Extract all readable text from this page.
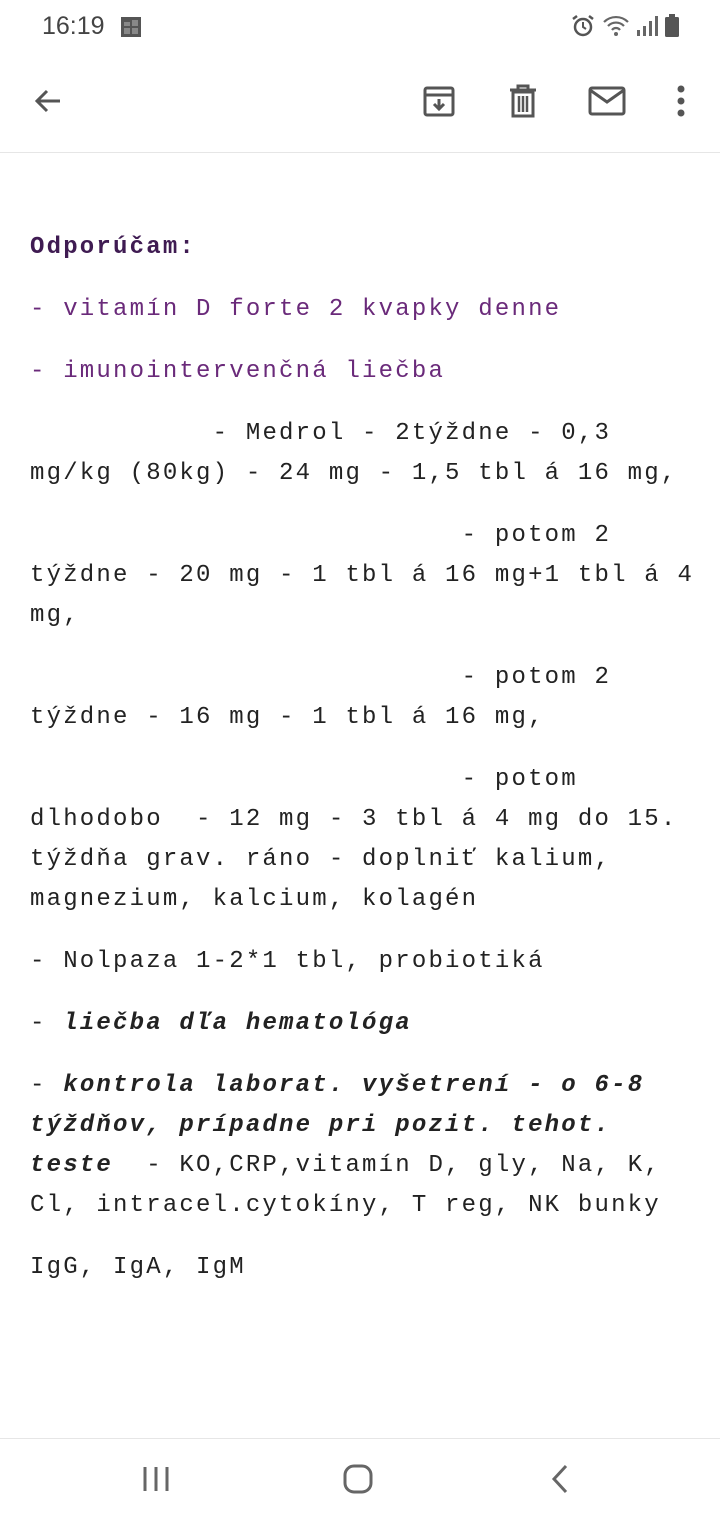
16:19

Odporúčam:

- vitamín D forte 2 kvapky denne

- imunointervenčná liečba

- Medrol - 2týždne - 0,3 mg/kg (80kg) - 24 mg - 1,5 tbl á 16 mg,

- potom 2 týždne - 20 mg - 1 tbl á 16 mg+1 tbl á 4 mg,

- potom 2 týždne - 16 mg - 1 tbl á 16 mg,

- potom dlhodobo  - 12 mg - 3 tbl á 4 mg do 15. týždňa grav. ráno - doplniť kalium, magnezium, kalcium, kolagén

- Nolpaza 1-2*1 tbl, probiotiká

- liečba dľa hematológa

- kontrola laborat. vyšetrení - o 6-8 týždňov, prípadne pri pozit. tehot. teste  - KO,CRP,vitamín D, gly, Na, K, Cl, intracel.cytokíny, T reg, NK bunky

IgG, IgA, IgM
